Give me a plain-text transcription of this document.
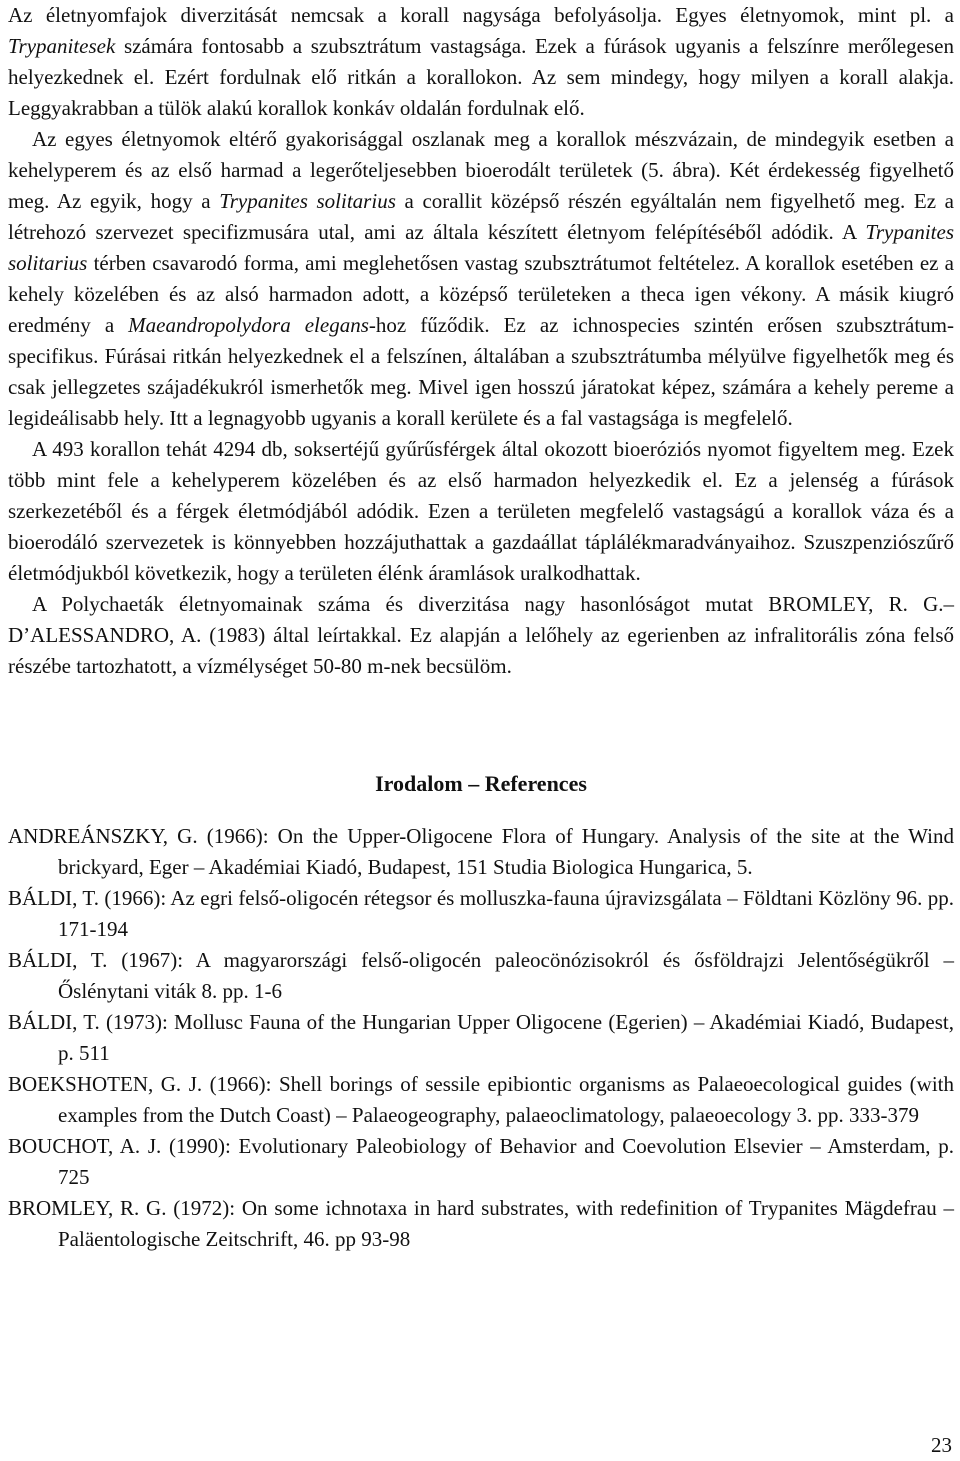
Az életnyomfajok diverzitását nemcsak a korall nagysága befolyásolja. Egyes életnyomok, mint pl. a Trypanitesek számára fontosabb a szubsztrátum vastagsága. Ezek a fúrások ugyanis a felszínre merőlegesen helyezkednek el. Ezért fordulnak elő ritkán a korallokon. Az sem mindegy, hogy milyen a korall alakja. Leggyakrabban a tülök alakú korallok konkáv oldalán fordulnak elő.

Az egyes életnyomok eltérő gyakorisággal oszlanak meg a korallok mészvázain, de mindegyik esetben a kehelyperem és az első harmad a legerőteljesebben bioerodált területek (5. ábra). Két érdekesség figyelhető meg. Az egyik, hogy a Trypanites solitarius a corallit középső részén egyáltalán nem figyelhető meg. Ez a létrehozó szervezet specifizmusára utal, ami az általa készített életnyom felépítéséből adódik. A Trypanites solitarius térben csavarodó forma, ami meglehetősen vastag szubsztrátumot feltételez. A korallok esetében ez a kehely közelében és az alsó harmadon adott, a középső területeken a theca igen vékony. A másik kiugró eredmény a Maeandropolydora elegans-hoz fűződik. Ez az ichnospecies szintén erősen szubsztrátum-specifikus. Fúrásai ritkán helyezkednek el a felszínen, általában a szubsztrátumba mélyülve figyelhetők meg és csak jellegzetes szájadékukról ismerhetők meg. Mivel igen hosszú járatokat képez, számára a kehely pereme a legideálisabb hely. Itt a legnagyobb ugyanis a korall kerülete és a fal vastagsága is megfelelő.

A 493 korallon tehát 4294 db, soksertéjű gyűrűsférgek által okozott bioeróziós nyomot figyeltem meg. Ezek több mint fele a kehelyperem közelében és az első harmadon helyezkedik el. Ez a jelenség a fúrások szerkezetéből és a férgek életmódjából adódik. Ezen a területen megfelelő vastagságú a korallok váza és a bioerodáló szervezetek is könnyebben hozzájuthattak a gazdaállat táplálékmaradványaihoz. Szuszpenziószűrő életmódjukból következik, hogy a területen élénk áramlások uralkodhattak.

A Polychaeták életnyomainak száma és diverzitása nagy hasonlóságot mutat BROMLEY, R. G.–D’ALESSANDRO, A. (1983) által leírtakkal. Ez alapján a lelőhely az egerienben az infralitorális zóna felső részébe tartozhatott, a vízmélységet 50-80 m-nek becsülöm.

Irodalom – References

ANDREÁNSZKY, G. (1966): On the Upper-Oligocene Flora of Hungary. Analysis of the site at the Wind brickyard, Eger – Akadémiai Kiadó, Budapest, 151 Studia Biologica Hungarica, 5.

BÁLDI, T. (1966): Az egri felső-oligocén rétegsor és molluszka-fauna újravizsgálata – Földtani Közlöny 96. pp. 171-194

BÁLDI, T. (1967): A magyarországi felső-oligocén paleocönózisokról és ősföldrajzi Jelentőségükről – Őslénytani viták 8. pp. 1-6

BÁLDI, T. (1973): Mollusc Fauna of the Hungarian Upper Oligocene (Egerien) – Akadémiai Kiadó, Budapest, p. 511

BOEKSHOTEN, G. J. (1966): Shell borings of sessile epibiontic organisms as Palaeoecological guides (with examples from the Dutch Coast) – Palaeogeography, palaeoclimatology, palaeoecology 3. pp. 333-379

BOUCHOT, A. J. (1990): Evolutionary Paleobiology of Behavior and Coevolution Elsevier – Amsterdam, p. 725

BROMLEY, R. G. (1972): On some ichnotaxa in hard substrates, with redefinition of Trypanites Mägdefrau – Paläentologische Zeitschrift, 46. pp 93-98

23
